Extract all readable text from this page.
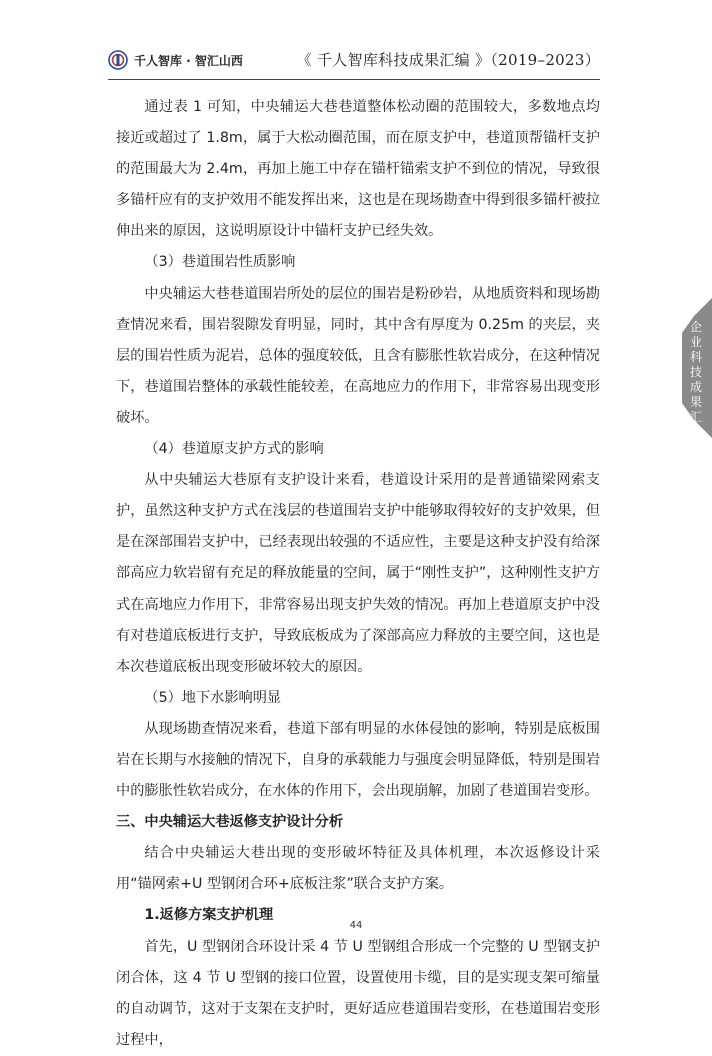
千人智库 · 智汇山西	《 千人智库科技成果汇编 》（2019–2023）

通过表 1 可知，中央辅运大巷巷道整体松动圈的范围较大，多数地点均接近或超过了 1.8m，属于大松动圈范围，而在原支护中，巷道顶帮锚杆支护的范围最大为 2.4m，再加上施工中存在锚杆锚索支护不到位的情况，导致很多锚杆应有的支护效用不能发挥出来，这也是在现场勘查中得到很多锚杆被拉伸出来的原因，这说明原设计中锚杆支护已经失效。

（3）巷道围岩性质影响

中央辅运大巷巷道围岩所处的层位的围岩是粉砂岩，从地质资料和现场勘查情况来看，围岩裂隙发育明显，同时，其中含有厚度为 0.25m 的夹层，夹层的围岩性质为泥岩，总体的强度较低，且含有膨胀性软岩成分，在这种情况下，巷道围岩整体的承载性能较差，在高地应力的作用下，非常容易出现变形破坏。

（4）巷道原支护方式的影响

从中央辅运大巷原有支护设计来看，巷道设计采用的是普通锚梁网索支护，虽然这种支护方式在浅层的巷道围岩支护中能够取得较好的支护效果，但是在深部围岩支护中，已经表现出较强的不适应性，主要是这种支护没有给深部高应力软岩留有充足的释放能量的空间，属于“刚性支护”，这种刚性支护方式在高地应力作用下，非常容易出现支护失效的情况。再加上巷道原支护中没有对巷道底板进行支护，导致底板成为了深部高应力释放的主要空间，这也是本次巷道底板出现变形破坏较大的原因。

（5）地下水影响明显

从现场勘查情况来看，巷道下部有明显的水体侵蚀的影响，特别是底板围岩在长期与水接触的情况下，自身的承载能力与强度会明显降低，特别是围岩中的膨胀性软岩成分，在水体的作用下，会出现崩解，加剧了巷道围岩变形。

三、中央辅运大巷返修支护设计分析

结合中央辅运大巷出现的变形破坏特征及具体机理，本次返修设计采用“锚网索+U 型钢闭合环+底板注浆”联合支护方案。

1.返修方案支护机理

首先，U 型钢闭合环设计采 4 节 U 型钢组合形成一个完整的 U 型钢支护闭合体，这 4 节 U 型钢的接口位置，设置使用卡缆，目的是实现支架可缩量的自动调节，这对于支架在支护时，更好适应巷道围岩变形，在巷道围岩变形过程中，

企业科技成果汇编
44
